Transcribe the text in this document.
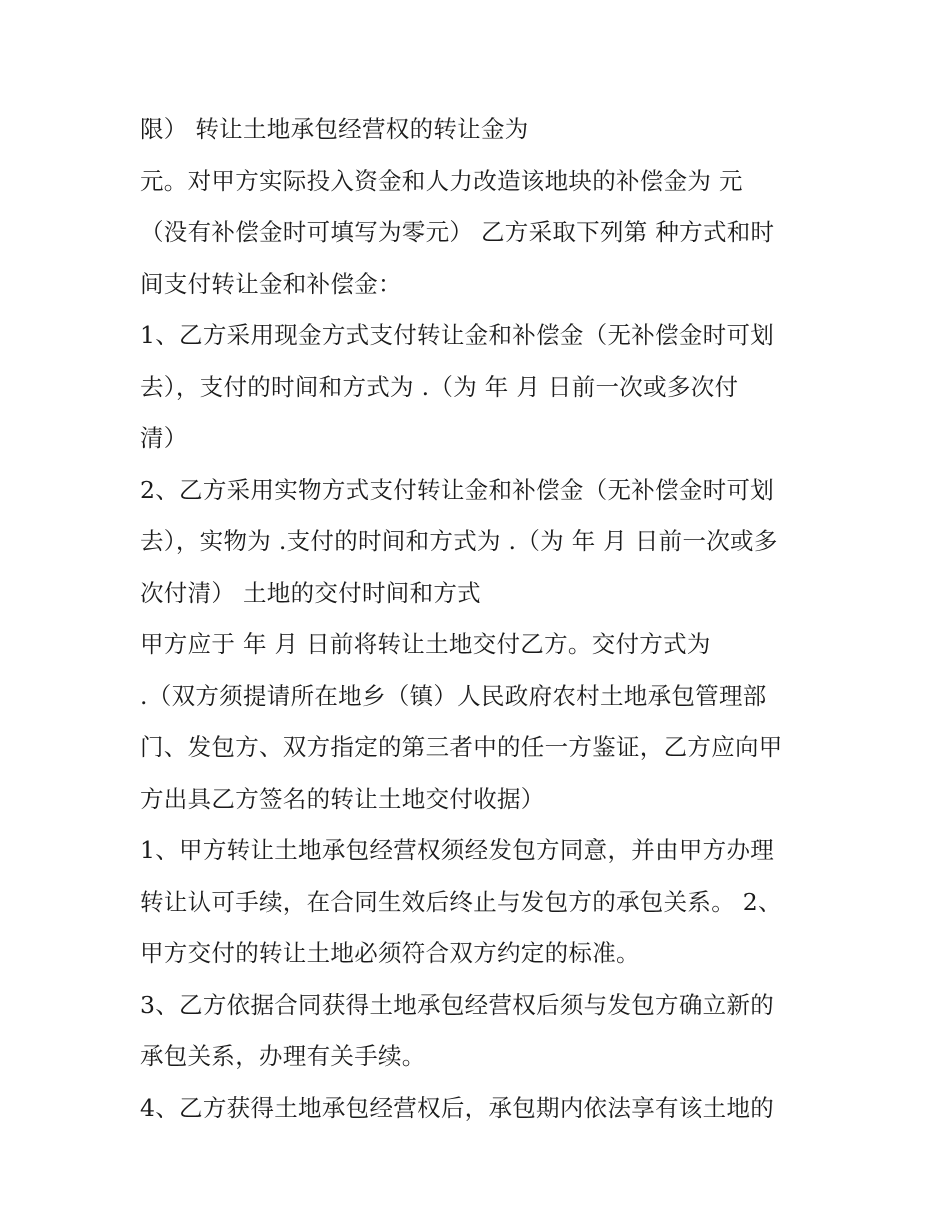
限） 转让土地承包经营权的转让金为
元。对甲方实际投入资金和人力改造该地块的补偿金为 元
（没有补偿金时可填写为零元） 乙方采取下列第 种方式和时
间支付转让金和补偿金：
1、乙方采用现金方式支付转让金和补偿金（无补偿金时可划
去），支付的时间和方式为 .（为 年 月 日前一次或多次付
清）
2、乙方采用实物方式支付转让金和补偿金（无补偿金时可划
去），实物为 .支付的时间和方式为 .（为 年 月 日前一次或多
次付清） 土地的交付时间和方式
甲方应于 年 月 日前将转让土地交付乙方。交付方式为
.（双方须提请所在地乡（镇）人民政府农村土地承包管理部
门、发包方、双方指定的第三者中的任一方鉴证，乙方应向甲
方出具乙方签名的转让土地交付收据）
1、甲方转让土地承包经营权须经发包方同意，并由甲方办理
转让认可手续，在合同生效后终止与发包方的承包关系。 2、
甲方交付的转让土地必须符合双方约定的标准。
3、乙方依据合同获得土地承包经营权后须与发包方确立新的
承包关系，办理有关手续。
4、乙方获得土地承包经营权后，承包期内依法享有该土地的
